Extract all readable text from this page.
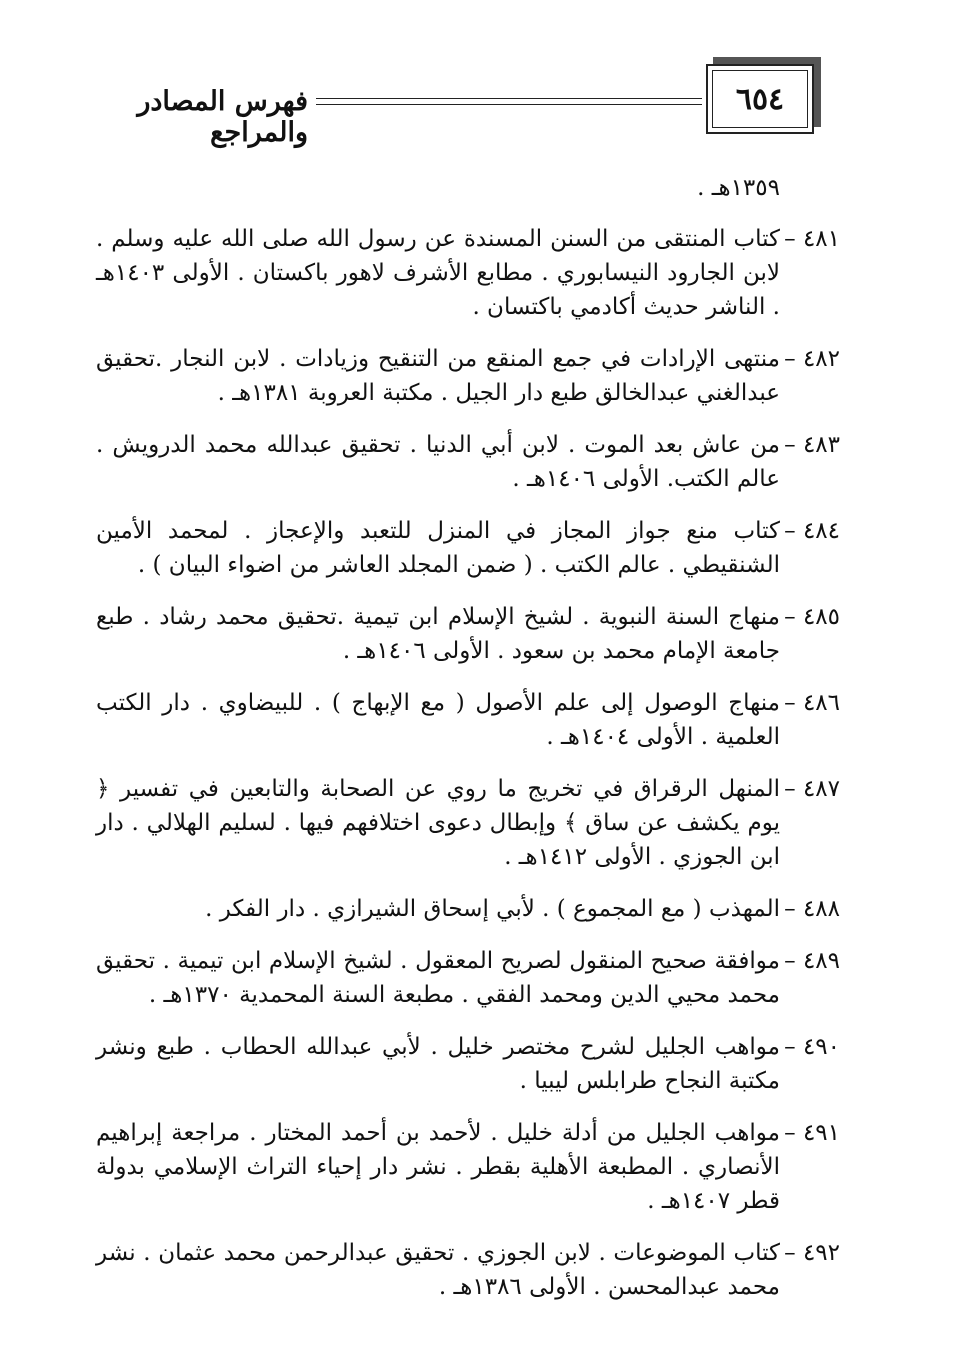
٦٥٤
فهرس المصادر والمراجع
١٣٥٩هـ .
٤٨١ –
كتاب المنتقى من السنن المسندة عن رسول الله صلى الله عليه وسلم . لابن الجارود النيسابوري . مطابع الأشرف لاهور باكستان . الأولى ١٤٠٣هـ . الناشر حديث أكادمي باكتسان .
٤٨٢ –
منتهى الإرادات في جمع المنقع من التنقيح وزيادات . لابن النجار .تحقيق عبدالغني عبدالخالق طبع دار الجيل . مكتبة العروبة ١٣٨١هـ .
٤٨٣ –
من عاش بعد الموت . لابن أبي الدنيا . تحقيق عبدالله محمد الدرويش . عالم الكتب. الأولى ١٤٠٦هـ .
٤٨٤ –
كتاب منع جواز المجاز في المنزل للتعبد والإعجاز . لمحمد الأمين الشنقيطي . عالم الكتب . ( ضمن المجلد العاشر من اضواء البيان ) .
٤٨٥ –
منهاج السنة النبوية . لشيخ الإسلام ابن تيمية .تحقيق محمد رشاد . طبع جامعة الإمام محمد بن سعود . الأولى ١٤٠٦هـ .
٤٨٦ –
منهاج الوصول إلى علم الأصول ( مع الإبهاج ) . للبيضاوي . دار الكتب العلمية . الأولى ١٤٠٤هـ .
٤٨٧ –
المنهل الرقراق في تخريج ما روي عن الصحابة والتابعين في تفسير ﴿ يوم يكشف عن ساق ﴾ وإبطال دعوى اختلافهم فيها . لسليم الهلالي . دار ابن الجوزي . الأولى ١٤١٢هـ .
٤٨٨ –
المهذب ( مع المجموع ) . لأبي إسحاق الشيرازي . دار الفكر .
٤٨٩ –
موافقة صحيح المنقول لصريح المعقول . لشيخ الإسلام ابن تيمية . تحقيق محمد محيي الدين ومحمد الفقي . مطبعة السنة المحمدية ١٣٧٠هـ .
٤٩٠ –
مواهب الجليل لشرح مختصر خليل . لأبي عبدالله الحطاب . طبع ونشر مكتبة النجاح طرابلس ليبيا .
٤٩١ –
مواهب الجليل من أدلة خليل . لأحمد بن أحمد المختار . مراجعة إبراهيم الأنصاري . المطبعة الأهلية بقطر . نشر دار إحياء التراث الإسلامي بدولة قطر ١٤٠٧هـ .
٤٩٢ –
كتاب الموضوعات . لابن الجوزي . تحقيق عبدالرحمن محمد عثمان . نشر محمد عبدالمحسن . الأولى ١٣٨٦هـ .
